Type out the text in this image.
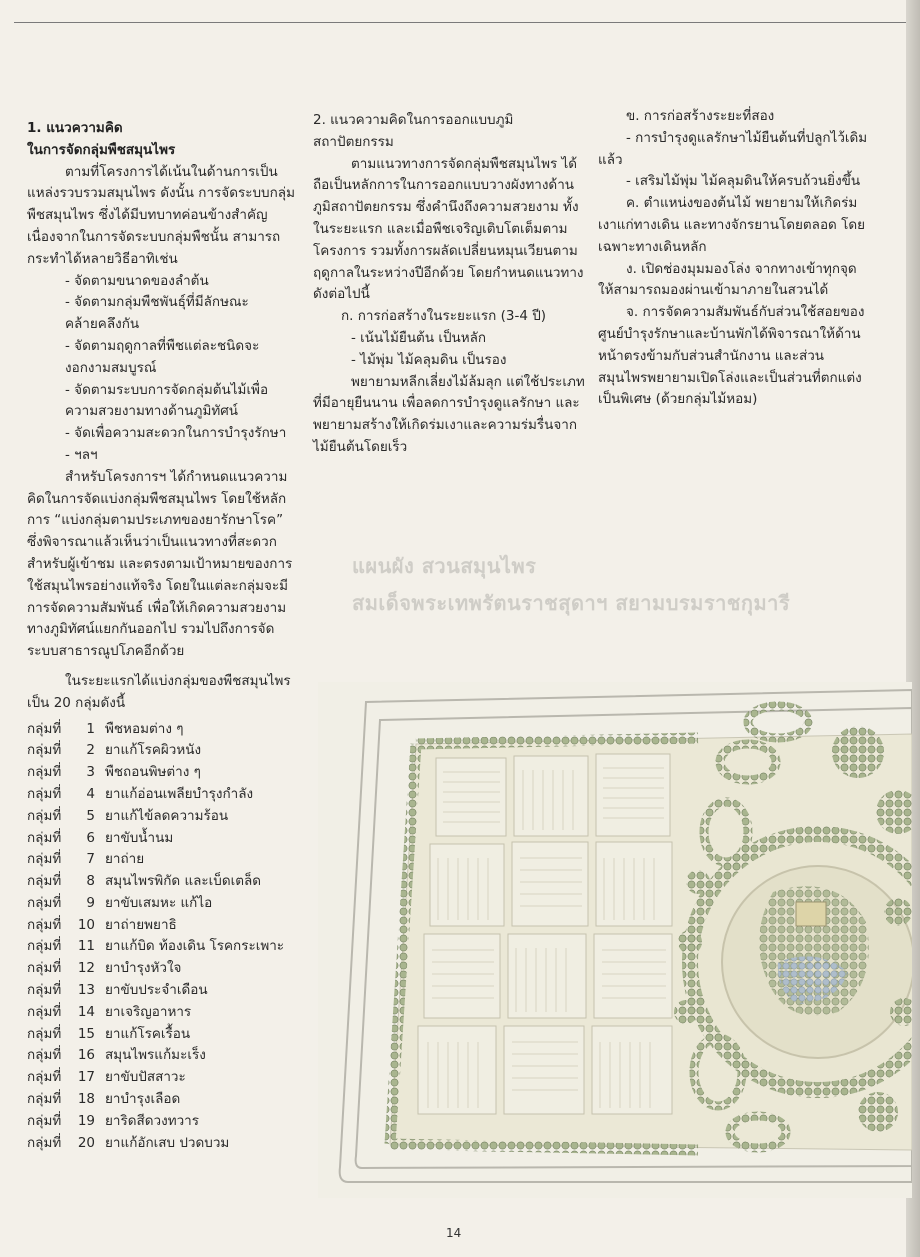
1. แนวความคิด

ในการจัดกลุ่มพืชสมุนไพร

ตามที่โครงการได้เน้นในด้านการเป็นแหล่งรวบรวมสมุนไพร ดังนั้น การจัดระบบกลุ่มพืชสมุนไพร ซึ่งได้มีบทบาทค่อนข้างสำคัญ เนื่องจากในการจัดระบบกลุ่มพืชนั้น สามารถกระทำได้หลายวิธีอาทิเช่น

- จัดตามขนาดของลำต้น

- จัดตามกลุ่มพืชพันธุ์ที่มีลักษณะคล้ายคลึงกัน

- จัดตามฤดูกาลที่พืชแต่ละชนิดจะงอกงามสมบูรณ์

- จัดตามระบบการจัดกลุ่มต้นไม้เพื่อความสวยงามทางด้านภูมิทัศน์

- จัดเพื่อความสะดวกในการบำรุงรักษา

- ฯลฯ

สำหรับโครงการฯ ได้กำหนดแนวความคิดในการจัดแบ่งกลุ่มพืชสมุนไพร โดยใช้หลักการ “แบ่งกลุ่มตามประเภทของยารักษาโรค” ซึ่งพิจารณาแล้วเห็นว่าเป็นแนวทางที่สะดวกสำหรับผู้เข้าชม และตรงตามเป้าหมายของการใช้สมุนไพรอย่างแท้จริง โดยในแต่ละกลุ่มจะมีการจัดความสัมพันธ์ เพื่อให้เกิดความสวยงามทางภูมิทัศน์แยกกันออกไป รวมไปถึงการจัดระบบสาธารณูปโภคอีกด้วย

ในระยะแรกได้แบ่งกลุ่มของพืชสมุนไพรเป็น 20 กลุ่มดังนี้

กลุ่มที่	1 พืชหอมต่าง ๆ
กลุ่มที่	2 ยาแก้โรคผิวหนัง
กลุ่มที่	3 พืชถอนพิษต่าง ๆ
กลุ่มที่	4 ยาแก้อ่อนเพลียบำรุงกำลัง
กลุ่มที่	5 ยาแก้ไข้ลดความร้อน
กลุ่มที่	6 ยาขับน้ำนม
กลุ่มที่	7 ยาถ่าย
กลุ่มที่	8 สมุนไพรพิกัด และเบ็ดเตล็ด
กลุ่มที่	9 ยาขับเสมหะ แก้ไอ
กลุ่มที่	10 ยาถ่ายพยาธิ
กลุ่มที่	11 ยาแก้บิด ท้องเดิน โรคกระเพาะ
กลุ่มที่	12 ยาบำรุงหัวใจ
กลุ่มที่	13 ยาขับประจำเดือน
กลุ่มที่	14 ยาเจริญอาหาร
กลุ่มที่	15 ยาแก้โรคเรื้อน
กลุ่มที่	16 สมุนไพรแก้มะเร็ง
กลุ่มที่	17 ยาขับปัสสาวะ
กลุ่มที่	18 ยาบำรุงเลือด
กลุ่มที่	19 ยาริดสีดวงทวาร
กลุ่มที่	20 ยาแก้อักเสบ ปวดบวม

2. แนวความคิดในการออกแบบภูมิสถาปัตยกรรม

ตามแนวทางการจัดกลุ่มพืชสมุนไพร ได้ถือเป็นหลักการในการออกแบบวางผังทางด้านภูมิสถาปัตยกรรม ซึ่งคำนึงถึงความสวยงาม ทั้งในระยะแรก และเมื่อพืชเจริญเติบโตเต็มตามโครงการ รวมทั้งการผลัดเปลี่ยนหมุนเวียนตามฤดูกาลในระหว่างปีอีกด้วย โดยกำหนดแนวทางดังต่อไปนี้

ก. การก่อสร้างในระยะแรก (3-4 ปี)

- เน้นไม้ยืนต้น เป็นหลัก

- ไม้พุ่ม ไม้คลุมดิน เป็นรอง

พยายามหลีกเลี่ยงไม้ล้มลุก แต่ใช้ประเภทที่มีอายุยืนนาน เพื่อลดการบำรุงดูแลรักษา และพยายามสร้างให้เกิดร่มเงาและความร่มรื่นจากไม้ยืนต้นโดยเร็ว

ข. การก่อสร้างระยะที่สอง

- การบำรุงดูแลรักษาไม้ยืนต้นที่ปลูกไว้เดิมแล้ว

- เสริมไม้พุ่ม ไม้คลุมดินให้ครบถ้วนยิ่งขึ้น

ค. ตำแหน่งของต้นไม้ พยายามให้เกิดร่มเงาแก่ทางเดิน และทางจักรยานโดยตลอด โดยเฉพาะทางเดินหลัก

ง. เปิดช่องมุมมองโล่ง จากทางเข้าทุกจุดให้สามารถมองผ่านเข้ามาภายในสวนได้

จ. การจัดความสัมพันธ์กับส่วนใช้สอยของศูนย์บำรุงรักษาและบ้านพักได้พิจารณาให้ด้านหน้าตรงข้ามกับส่วนสำนักงาน และส่วนสมุนไพรพยายามเปิดโล่งและเป็นส่วนที่ตกแต่งเป็นพิเศษ (ด้วยกลุ่มไม้หอม)

แผนผัง สวนสมุนไพร
สมเด็จพระเทพรัตนราชสุดาฯ สยามบรมราชกุมารี
14
